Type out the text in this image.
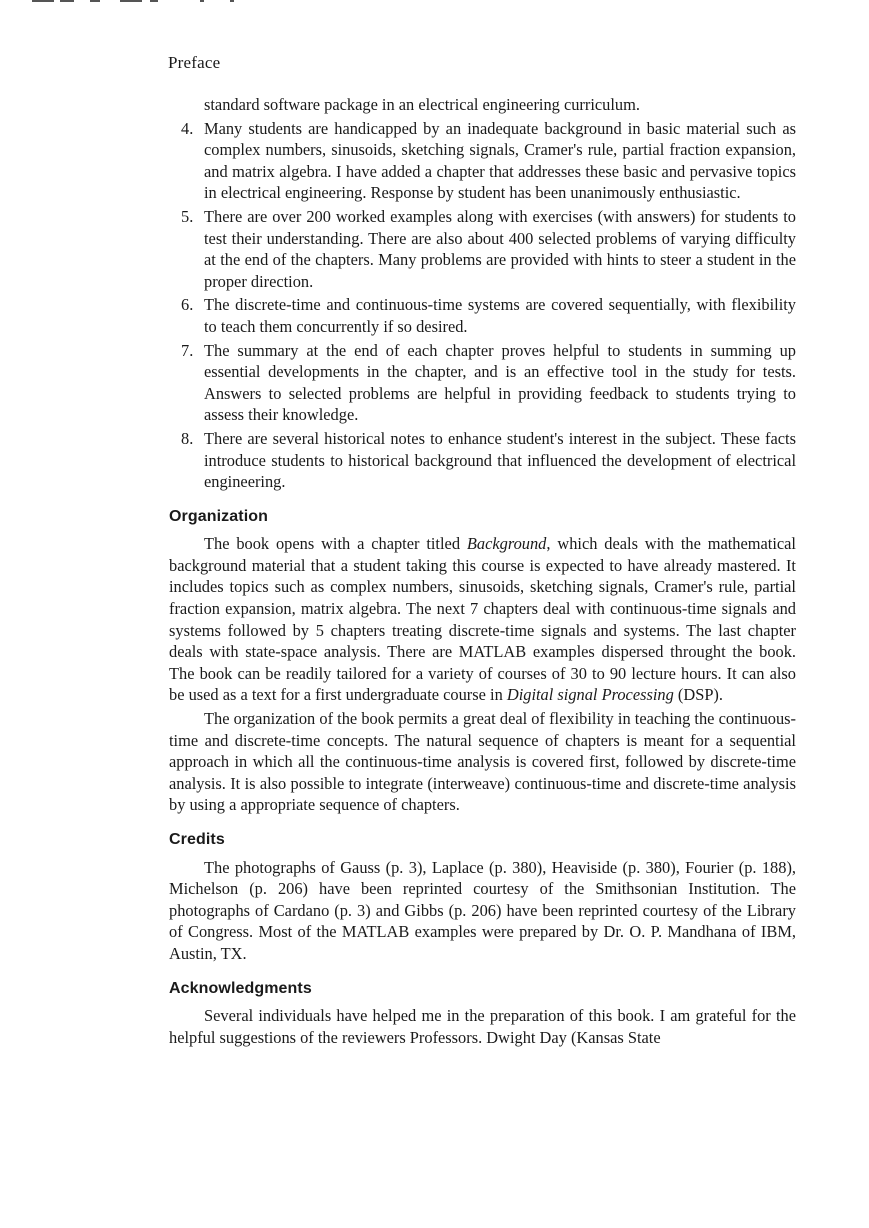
Preface
standard software package in an electrical engineering curriculum.
4. Many students are handicapped by an inadequate background in basic material such as complex numbers, sinusoids, sketching signals, Cramer's rule, partial fraction expansion, and matrix algebra. I have added a chapter that addresses these basic and pervasive topics in electrical engineering. Response by student has been unanimously enthusiastic.
5. There are over 200 worked examples along with exercises (with answers) for students to test their understanding. There are also about 400 selected problems of varying difficulty at the end of the chapters. Many problems are provided with hints to steer a student in the proper direction.
6. The discrete-time and continuous-time systems are covered sequentially, with flexibility to teach them concurrently if so desired.
7. The summary at the end of each chapter proves helpful to students in summing up essential developments in the chapter, and is an effective tool in the study for tests. Answers to selected problems are helpful in providing feedback to students trying to assess their knowledge.
8. There are several historical notes to enhance student's interest in the subject. These facts introduce students to historical background that influenced the development of electrical engineering.
Organization

The book opens with a chapter titled Background, which deals with the mathematical background material that a student taking this course is expected to have already mastered. It includes topics such as complex numbers, sinusoids, sketching signals, Cramer's rule, partial fraction expansion, matrix algebra. The next 7 chapters deal with continuous-time signals and systems followed by 5 chapters treating discrete-time signals and systems. The last chapter deals with state-space analysis. There are MATLAB examples dispersed throught the book. The book can be readily tailored for a variety of courses of 30 to 90 lecture hours. It can also be used as a text for a first undergraduate course in Digital signal Processing (DSP).

The organization of the book permits a great deal of flexibility in teaching the continuous-time and discrete-time concepts. The natural sequence of chapters is meant for a sequential approach in which all the continuous-time analysis is covered first, followed by discrete-time analysis. It is also possible to integrate (interweave) continuous-time and discrete-time analysis by using a appropriate sequence of chapters.

Credits

The photographs of Gauss (p. 3), Laplace (p. 380), Heaviside (p. 380), Fourier (p. 188), Michelson (p. 206) have been reprinted courtesy of the Smithsonian Institution. The photographs of Cardano (p. 3) and Gibbs (p. 206) have been reprinted courtesy of the Library of Congress. Most of the MATLAB examples were prepared by Dr. O. P. Mandhana of IBM, Austin, TX.

Acknowledgments

Several individuals have helped me in the preparation of this book. I am grateful for the helpful suggestions of the reviewers Professors. Dwight Day (Kansas State
